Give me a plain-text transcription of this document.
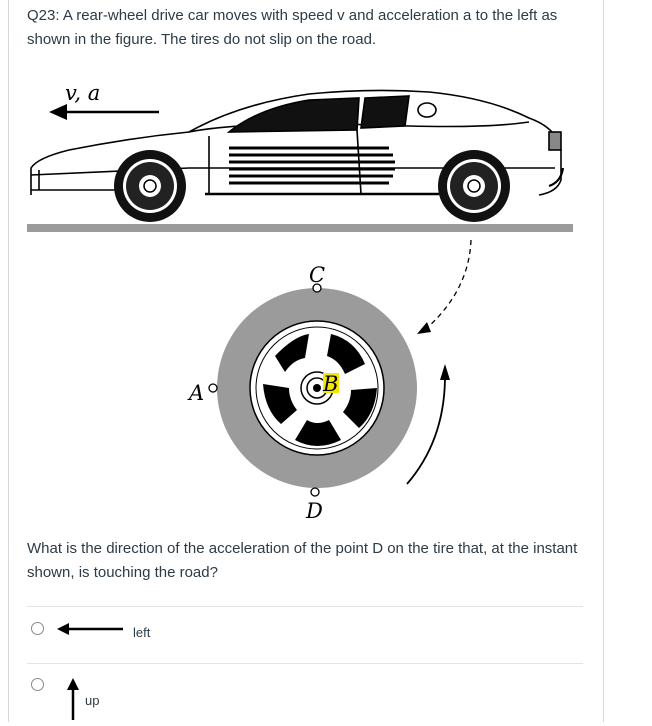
Q23: A rear-wheel drive car moves with speed v and acceleration a to the left as shown in the figure. The tires do not slip on the road.
v, a
A	B
C
D
What is the direction of the acceleration of the point D on the tire that, at the instant shown, is touching the road?
left
up
